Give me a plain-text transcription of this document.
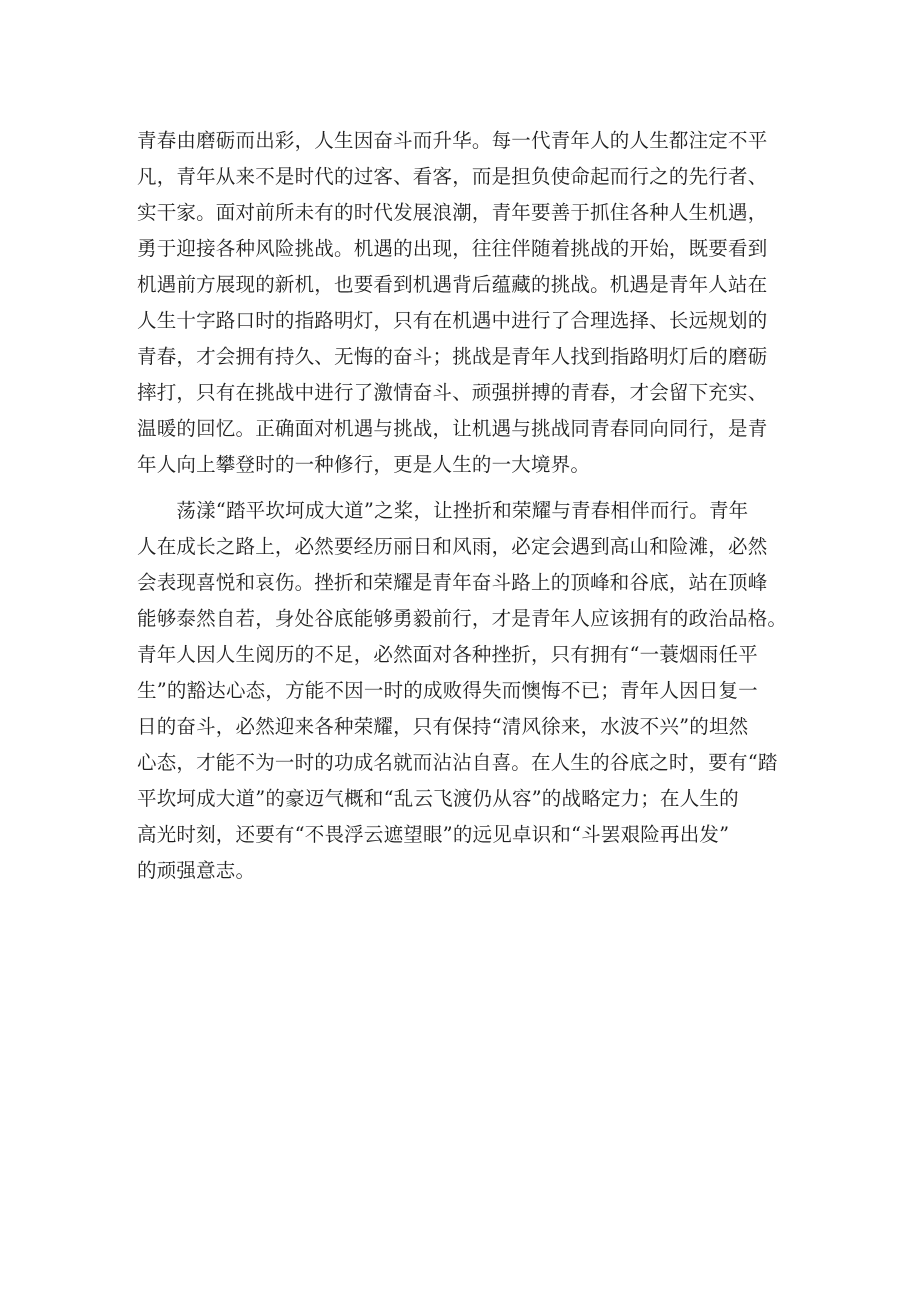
青春由磨砺而出彩，人生因奋斗而升华。每一代青年人的人生都注定不平
凡，青年从来不是时代的过客、看客，而是担负使命起而行之的先行者、
实干家。面对前所未有的时代发展浪潮，青年要善于抓住各种人生机遇，
勇于迎接各种风险挑战。机遇的出现，往往伴随着挑战的开始，既要看到
机遇前方展现的新机，也要看到机遇背后蕴藏的挑战。机遇是青年人站在
人生十字路口时的指路明灯，只有在机遇中进行了合理选择、长远规划的
青春，才会拥有持久、无悔的奋斗；挑战是青年人找到指路明灯后的磨砺
摔打，只有在挑战中进行了激情奋斗、顽强拼搏的青春，才会留下充实、
温暖的回忆。正确面对机遇与挑战，让机遇与挑战同青春同向同行，是青
年人向上攀登时的一种修行，更是人生的一大境界。
　　荡漾“踏平坎坷成大道”之桨，让挫折和荣耀与青春相伴而行。青年
人在成长之路上，必然要经历丽日和风雨，必定会遇到高山和险滩，必然
会表现喜悦和哀伤。挫折和荣耀是青年奋斗路上的顶峰和谷底，站在顶峰
能够泰然自若，身处谷底能够勇毅前行，才是青年人应该拥有的政治品格。
青年人因人生阅历的不足，必然面对各种挫折，只有拥有“一蓑烟雨任平
生”的豁达心态，方能不因一时的成败得失而懊悔不已；青年人因日复一
日的奋斗，必然迎来各种荣耀，只有保持“清风徐来，水波不兴”的坦然
心态，才能不为一时的功成名就而沾沾自喜。在人生的谷底之时，要有“踏
平坎坷成大道”的豪迈气概和“乱云飞渡仍从容”的战略定力；在人生的
高光时刻，还要有“不畏浮云遮望眼”的远见卓识和“斗罢艰险再出发”
的顽强意志。
